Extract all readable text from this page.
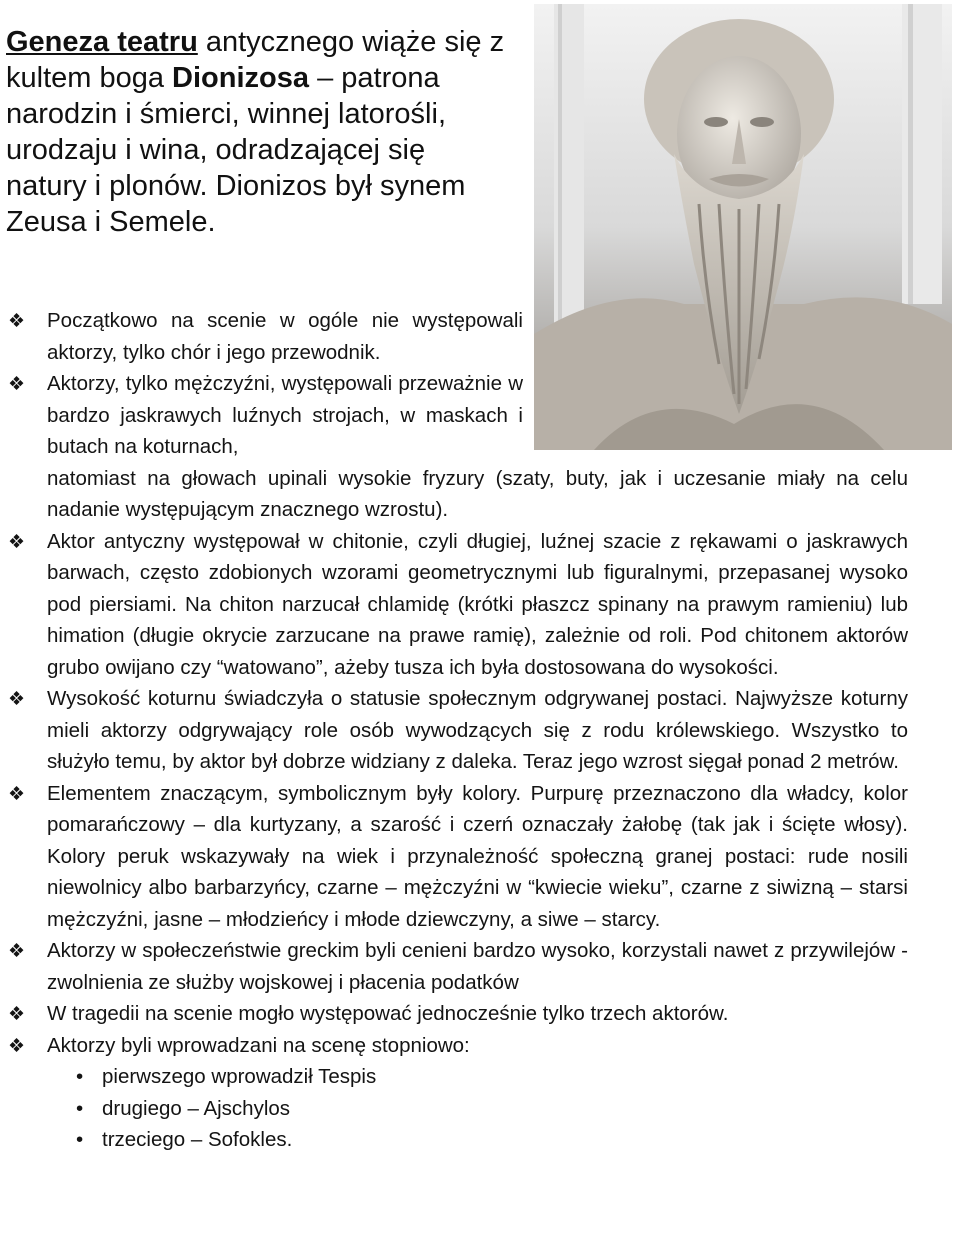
Geneza teatru antycznego wiąże się z kultem boga Dionizosa – patrona narodzin i śmierci, winnej latorośli, urodzaju i wina, odradzającej się natury i plonów. Dionizos był synem Zeusa i Semele.
❖ Początkowo na scenie w ogóle nie występowali aktorzy, tylko chór i jego przewodnik.
❖ Aktorzy, tylko mężczyźni, występowali przeważnie w bardzo jaskrawych luźnych strojach, w maskach i butach na koturnach,
natomiast na głowach upinali wysokie fryzury (szaty, buty, jak i uczesanie miały na celu nadanie występującym znacznego wzrostu).
❖ Aktor antyczny występował w chitonie, czyli długiej, luźnej szacie z rękawami o jaskrawych barwach, często zdobionych wzorami geometrycznymi lub figuralnymi, przepasanej wysoko pod piersiami. Na chiton narzucał chlamidę (krótki płaszcz spinany na prawym ramieniu) lub himation (długie okrycie zarzucane na prawe ramię), zależnie od roli. Pod chitonem aktorów grubo owijano czy “watowano”, ażeby tusza ich była dostosowana do wysokości.
❖ Wysokość koturnu świadczyła o statusie społecznym odgrywanej postaci. Najwyższe koturny mieli aktorzy odgrywający role osób wywodzących się z rodu królewskiego. Wszystko to służyło temu, by aktor był dobrze widziany z daleka. Teraz jego wzrost sięgał ponad 2 metrów.
❖ Elementem znaczącym, symbolicznym były kolory. Purpurę przeznaczono dla władcy, kolor pomarańczowy – dla kurtyzany, a szarość i czerń oznaczały żałobę (tak jak i ścięte włosy). Kolory peruk wskazywały na wiek i przynależność społeczną granej postaci: rude nosili niewolnicy albo barbarzyńcy, czarne – mężczyźni w “kwiecie wieku”, czarne z siwizną – starsi mężczyźni, jasne – młodzieńcy i młode dziewczyny, a siwe – starcy.
❖ Aktorzy w społeczeństwie greckim byli cenieni bardzo wysoko, korzystali nawet z przywilejów - zwolnienia ze służby wojskowej i płacenia podatków
❖ W tragedii na scenie mogło występować jednocześnie tylko trzech aktorów.
❖ Aktorzy byli wprowadzani na scenę stopniowo:
• pierwszego wprowadził Tespis
• drugiego – Ajschylos
• trzeciego – Sofokles.
